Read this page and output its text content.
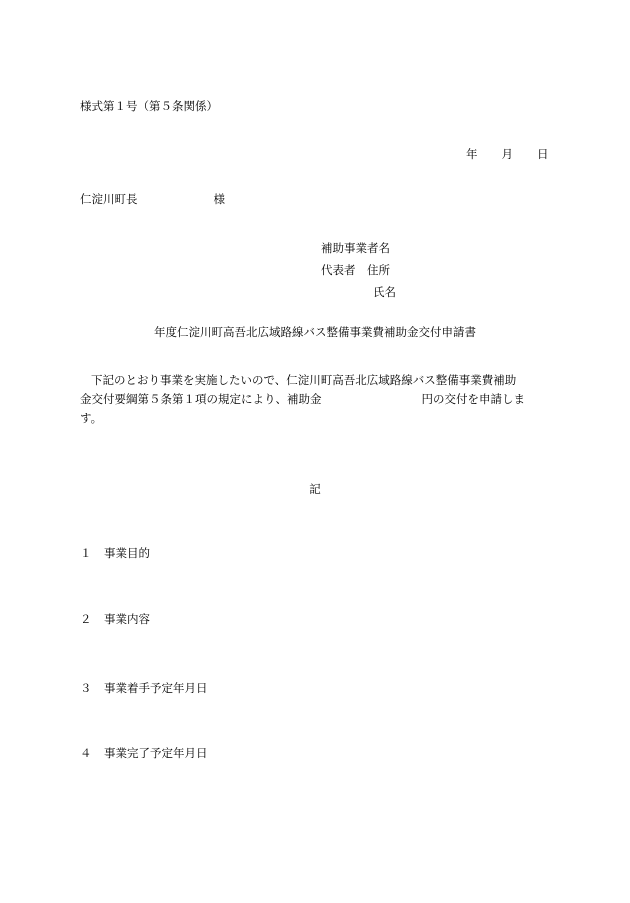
様式第１号（第５条関係）
年 月 日
仁淀川町長	様
補助事業者名
代表者　 住所
氏名
年度仁淀川町高吾北広域路線バス整備事業費補助金交付申請書

下記のとおり事業を実施したいので、仁淀川町高吾北広域路線バス整備事業費補助

金交付要綱第５条第１項の規定により、補助金	円の交付を申請しま

す。

記
１ 事業目的
２ 事業内容
３ 事業着手予定年月日
４ 事業完了予定年月日
